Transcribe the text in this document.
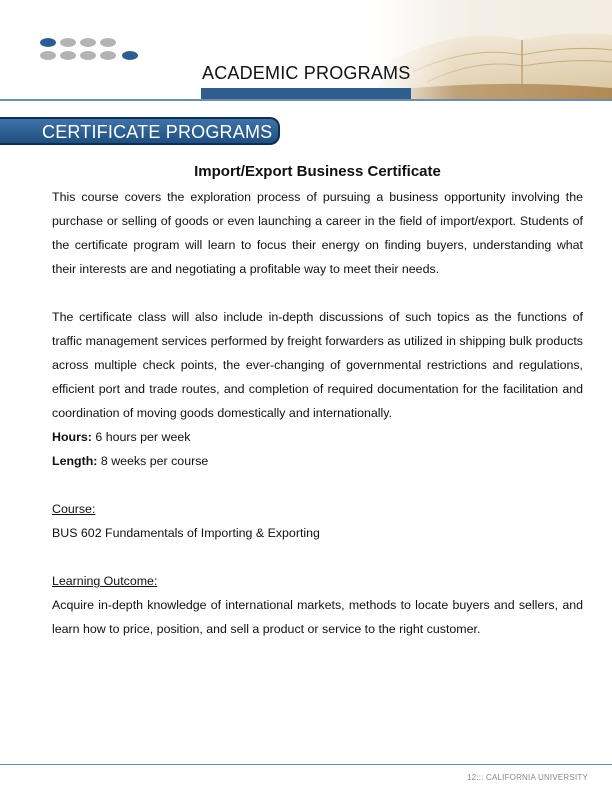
ACADEMIC PROGRAMS
CERTIFICATE PROGRAMS
Import/Export Business Certificate

This course covers the exploration process of pursuing a business opportunity involving the purchase or selling of goods or even launching a career in the field of import/export. Students of the certificate program will learn to focus their energy on finding buyers, understanding what their interests are and negotiating a profitable way to meet their needs.

The certificate class will also include in-depth discussions of such topics as the functions of traffic management services performed by freight forwarders as utilized in shipping bulk products across multiple check points, the ever-changing of governmental restrictions and regulations, efficient port and trade routes, and completion of required documentation for the facilitation and coordination of moving goods domestically and internationally.

Hours: 6 hours per week
Length: 8 weeks per course
Course:
BUS 602 Fundamentals of Importing & Exporting
Learning Outcome:

Acquire in-depth knowledge of international markets, methods to locate buyers and sellers, and learn how to price, position, and sell a product or service to the right customer.

12::: CALIFORNIA UNIVERSITY
